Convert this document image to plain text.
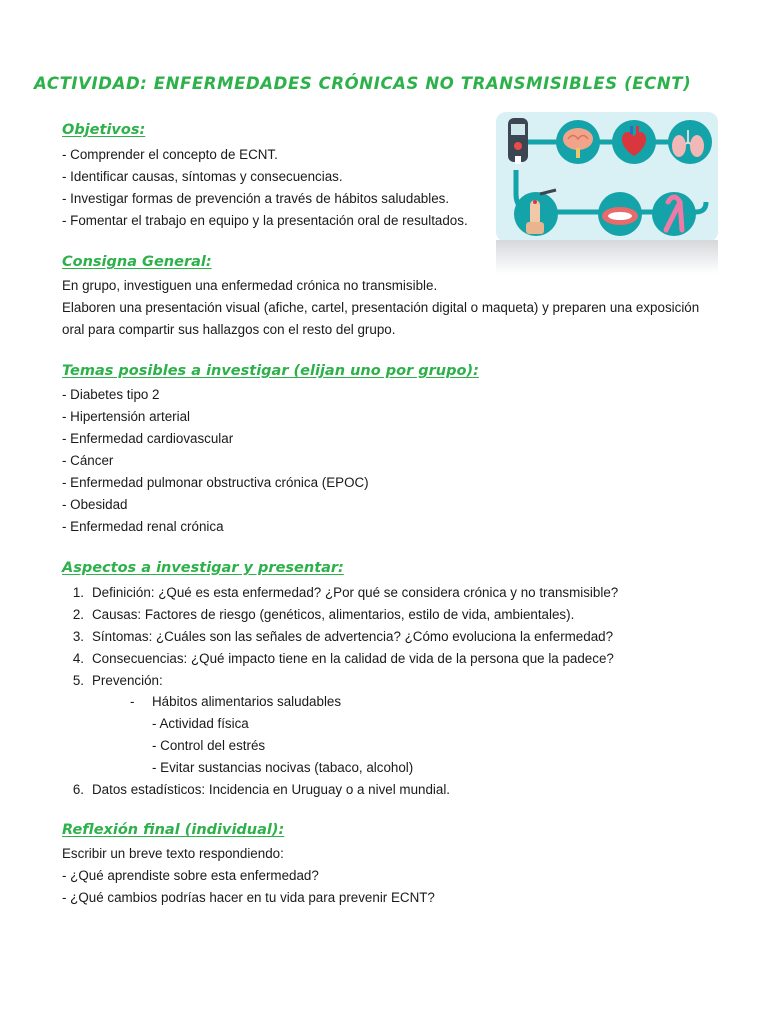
ACTIVIDAD: ENFERMEDADES CRÓNICAS NO TRANSMISIBLES (ECNT)
Objetivos:
- Comprender el concepto de ECNT.
- Identificar causas, síntomas y consecuencias.
- Investigar formas de prevención a través de hábitos saludables.
- Fomentar el trabajo en equipo y la presentación oral de resultados.
Consigna General:
En grupo, investiguen una enfermedad crónica no transmisible.
Elaboren una presentación visual (afiche, cartel, presentación digital o maqueta) y preparen una exposición
oral para compartir sus hallazgos con el resto del grupo.
Temas posibles a investigar (elijan uno por grupo):
- Diabetes tipo 2
- Hipertensión arterial
- Enfermedad cardiovascular
- Cáncer
- Enfermedad pulmonar obstructiva crónica (EPOC)
- Obesidad
- Enfermedad renal crónica
Aspectos a investigar y presentar:
1. Definición: ¿Qué es esta enfermedad? ¿Por qué se considera crónica y no transmisible?
2. Causas: Factores de riesgo (genéticos, alimentarios, estilo de vida, ambientales).
3. Síntomas: ¿Cuáles son las señales de advertencia? ¿Cómo evoluciona la enfermedad?
4. Consecuencias: ¿Qué impacto tiene en la calidad de vida de la persona que la padece?
5. Prevención:
- Hábitos alimentarios saludables
- Actividad física
- Control del estrés
- Evitar sustancias nocivas (tabaco, alcohol)
6. Datos estadísticos: Incidencia en Uruguay o a nivel mundial.
Reflexión final (individual):
Escribir un breve texto respondiendo:
- ¿Qué aprendiste sobre esta enfermedad?
- ¿Qué cambios podrías hacer en tu vida para prevenir ECNT?
